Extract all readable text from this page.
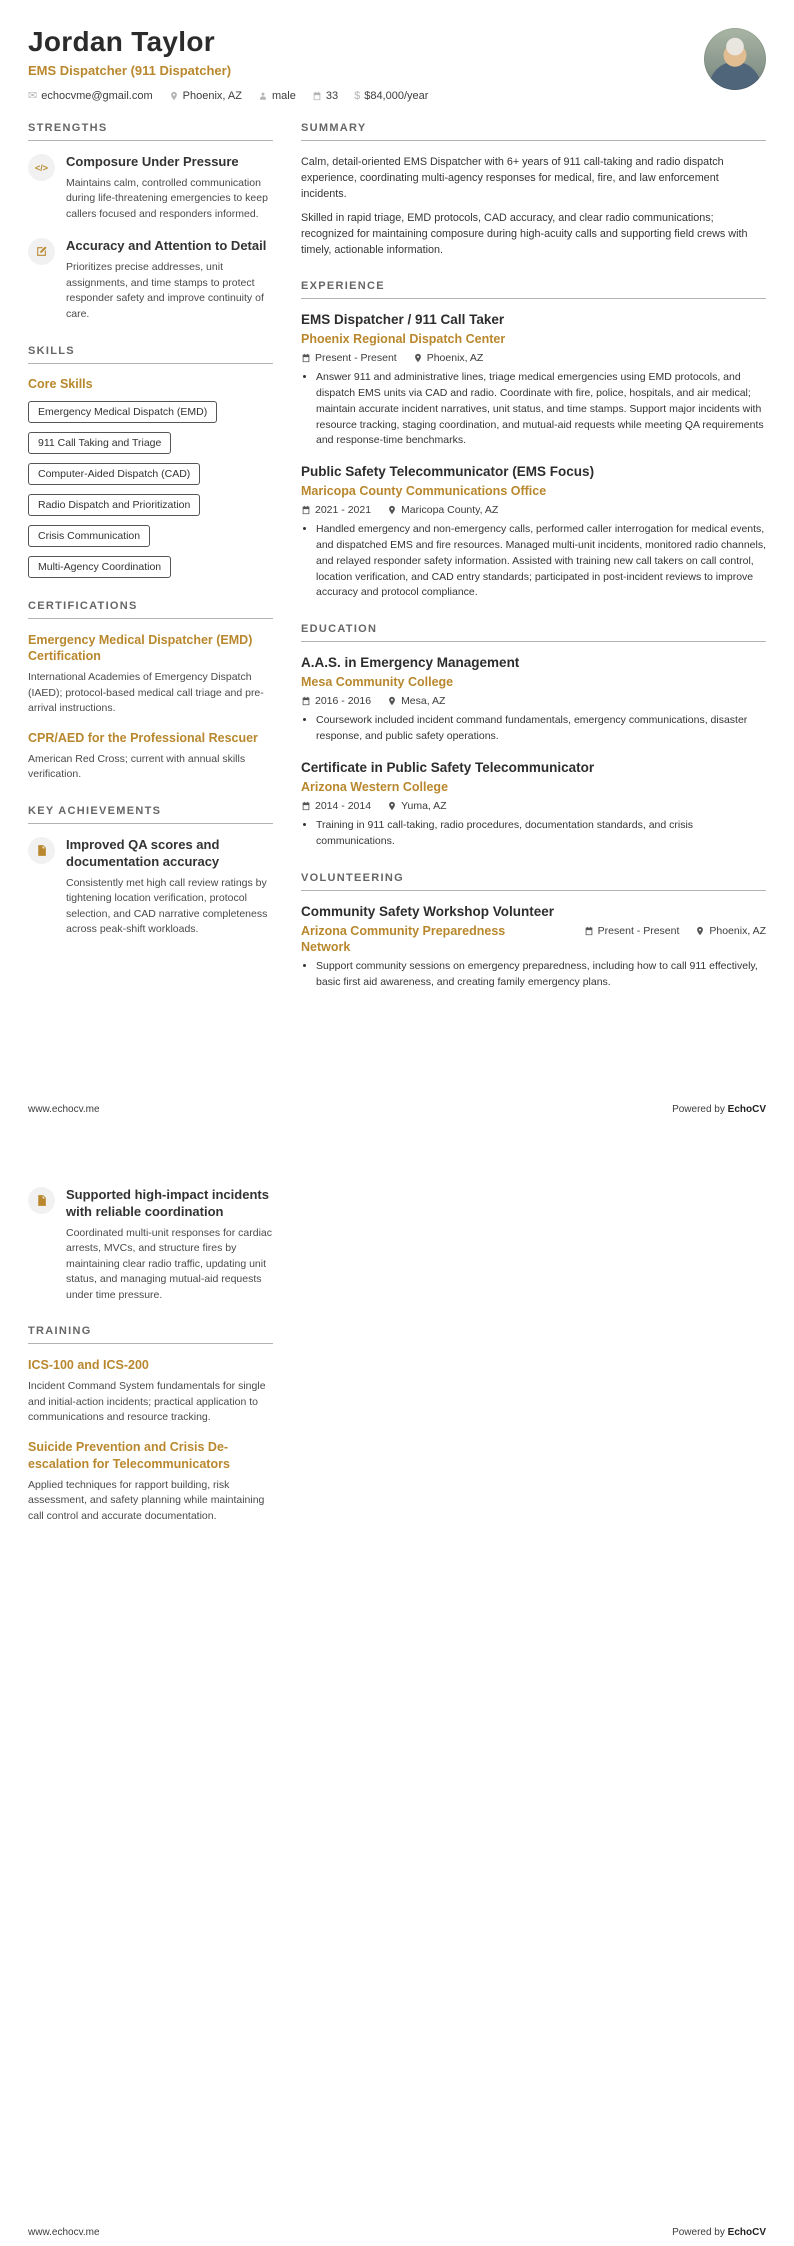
Jordan Taylor
EMS Dispatcher (911 Dispatcher)
✉ echocvme@gmail.com	Phoenix, AZ	male	33 $ $84,000/year
STRENGTHS
</>	Composure Under Pressure
Maintains calm, controlled communication during life-threatening emergencies to keep callers focused and responders informed.
Accuracy and Attention to Detail
Prioritizes precise addresses, unit assignments, and time stamps to protect responder safety and improve continuity of care.
SKILLS
Core Skills
Emergency Medical Dispatch (EMD)
911 Call Taking and Triage
Computer-Aided Dispatch (CAD)
Radio Dispatch and Prioritization
Crisis Communication
Multi-Agency Coordination
CERTIFICATIONS
Emergency Medical Dispatcher (EMD) Certification
International Academies of Emergency Dispatch (IAED); protocol-based medical call triage and pre-arrival instructions.
CPR/AED for the Professional Rescuer
American Red Cross; current with annual skills verification.
KEY ACHIEVEMENTS
Improved QA scores and documentation accuracy
Consistently met high call review ratings by tightening location verification, protocol selection, and CAD narrative completeness across peak-shift workloads.
SUMMARY

Calm, detail-oriented EMS Dispatcher with 6+ years of 911 call-taking and radio dispatch experience, coordinating multi-agency responses for medical, fire, and law enforcement incidents.

Skilled in rapid triage, EMD protocols, CAD accuracy, and clear radio communications; recognized for maintaining composure during high-acuity calls and supporting field crews with timely, actionable information.

EXPERIENCE
EMS Dispatcher / 911 Call Taker
Phoenix Regional Dispatch Center
Present - Present	Phoenix, AZ
• Answer 911 and administrative lines, triage medical emergencies using EMD protocols, and dispatch EMS units via CAD and radio. Coordinate with fire, police, hospitals, and air medical; maintain accurate incident narratives, unit status, and time stamps. Support major incidents with resource tracking, staging coordination, and mutual-aid requests while meeting QA requirements and response-time benchmarks.
Public Safety Telecommunicator (EMS Focus)
Maricopa County Communications Office
2021 - 2021	Maricopa County, AZ
• Handled emergency and non-emergency calls, performed caller interrogation for medical events, and dispatched EMS and fire resources. Managed multi-unit incidents, monitored radio channels, and relayed responder safety information. Assisted with training new call takers on call control, location verification, and CAD entry standards; participated in post-incident reviews to improve accuracy and protocol compliance.
EDUCATION
A.A.S. in Emergency Management
Mesa Community College
2016 - 2016	Mesa, AZ
• Coursework included incident command fundamentals, emergency communications, disaster response, and public safety operations.
Certificate in Public Safety Telecommunicator
Arizona Western College
2014 - 2014	Yuma, AZ
• Training in 911 call-taking, radio procedures, documentation standards, and crisis communications.
VOLUNTEERING
Community Safety Workshop Volunteer
Arizona Community Preparedness Network
Present - Present	Phoenix, AZ
• Support community sessions on emergency preparedness, including how to call 911 effectively, basic first aid awareness, and creating family emergency plans.
www.echocv.me	Powered by EchoCV
Supported high-impact incidents with reliable coordination
Coordinated multi-unit responses for cardiac arrests, MVCs, and structure fires by maintaining clear radio traffic, updating unit status, and managing mutual-aid requests under time pressure.
TRAINING
ICS-100 and ICS-200
Incident Command System fundamentals for single and initial-action incidents; practical application to communications and resource tracking.
Suicide Prevention and Crisis De-escalation for Telecommunicators
Applied techniques for rapport building, risk assessment, and safety planning while maintaining call control and accurate documentation.
www.echocv.me	Powered by EchoCV
